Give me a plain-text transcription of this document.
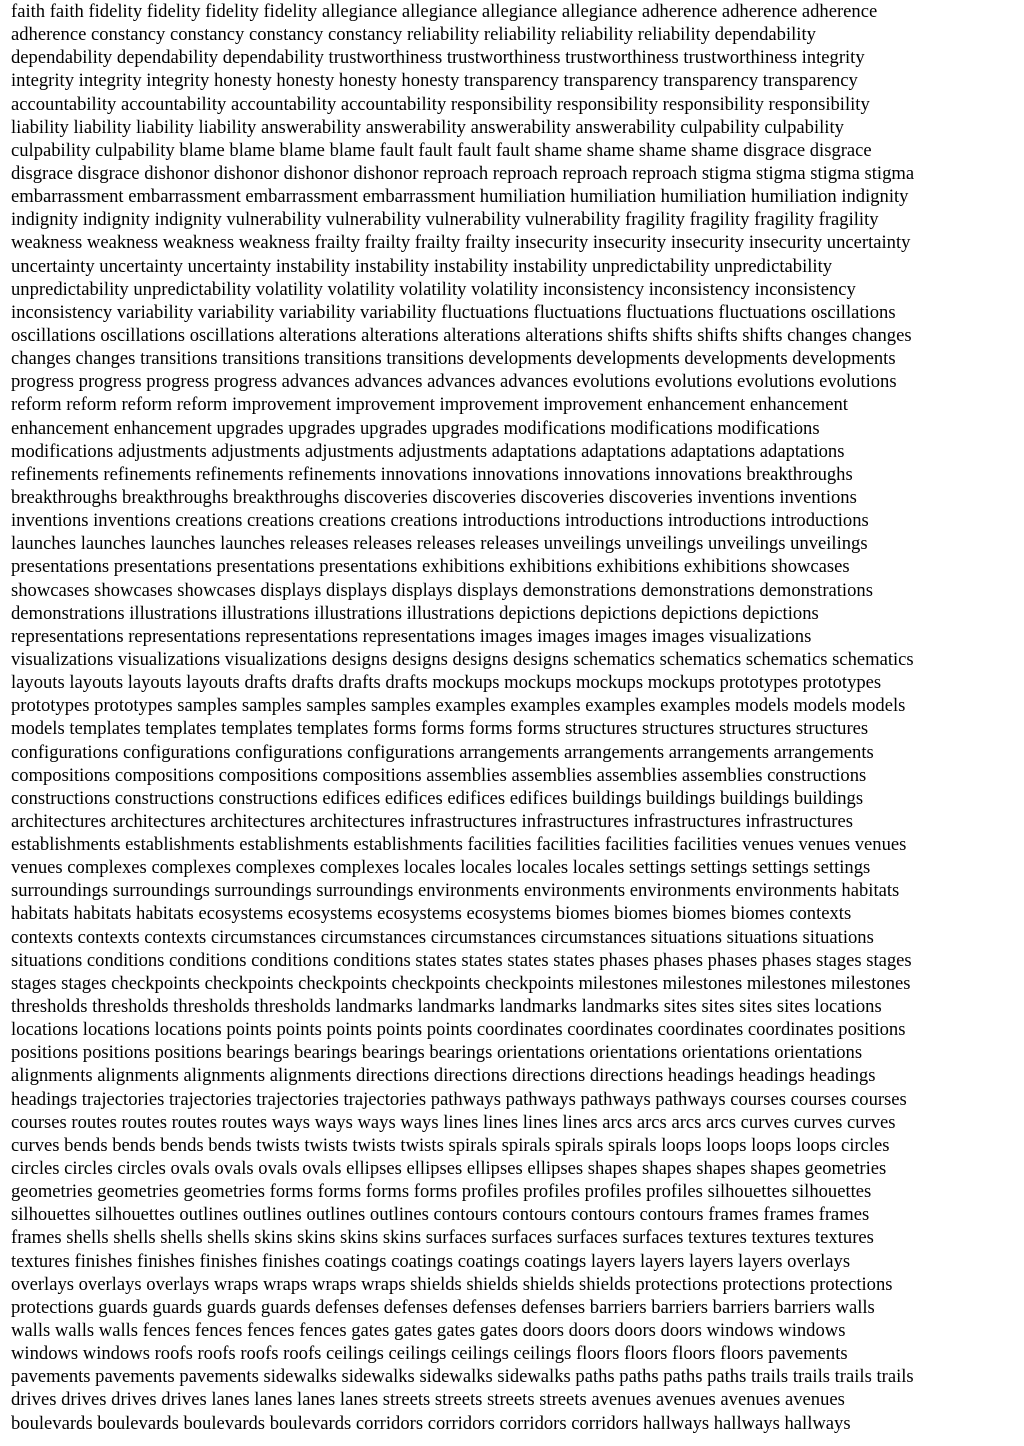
faith faith fidelity fidelity fidelity fidelity allegiance allegiance allegiance allegiance adherence adherence adherence
adherence constancy constancy constancy constancy reliability reliability reliability reliability dependability
dependability dependability dependability trustworthiness trustworthiness trustworthiness trustworthiness integrity
integrity integrity integrity honesty honesty honesty honesty transparency transparency transparency transparency
accountability accountability accountability accountability responsibility responsibility responsibility responsibility
liability liability liability liability answerability answerability answerability answerability culpability culpability
culpability culpability blame blame blame blame fault fault fault fault shame shame shame shame disgrace disgrace
disgrace disgrace dishonor dishonor dishonor dishonor reproach reproach reproach reproach stigma stigma stigma stigma
embarrassment embarrassment embarrassment embarrassment humiliation humiliation humiliation humiliation indignity
indignity indignity indignity vulnerability vulnerability vulnerability vulnerability fragility fragility fragility fragility
weakness weakness weakness weakness frailty frailty frailty frailty insecurity insecurity insecurity insecurity uncertainty
uncertainty uncertainty uncertainty instability instability instability instability unpredictability unpredictability
unpredictability unpredictability volatility volatility volatility volatility inconsistency inconsistency inconsistency
inconsistency variability variability variability variability fluctuations fluctuations fluctuations fluctuations oscillations
oscillations oscillations oscillations alterations alterations alterations alterations shifts shifts shifts shifts changes changes
changes changes transitions transitions transitions transitions developments developments developments developments
progress progress progress progress advances advances advances advances evolutions evolutions evolutions evolutions
reform reform reform reform improvement improvement improvement improvement enhancement enhancement
enhancement enhancement upgrades upgrades upgrades upgrades modifications modifications modifications
modifications adjustments adjustments adjustments adjustments adaptations adaptations adaptations adaptations
refinements refinements refinements refinements innovations innovations innovations innovations breakthroughs
breakthroughs breakthroughs breakthroughs discoveries discoveries discoveries discoveries inventions inventions
inventions inventions creations creations creations creations introductions introductions introductions introductions
launches launches launches launches releases releases releases releases unveilings unveilings unveilings unveilings
presentations presentations presentations presentations exhibitions exhibitions exhibitions exhibitions showcases
showcases showcases showcases displays displays displays displays demonstrations demonstrations demonstrations
demonstrations illustrations illustrations illustrations illustrations depictions depictions depictions depictions
representations representations representations representations images images images images visualizations
visualizations visualizations visualizations designs designs designs designs schematics schematics schematics schematics
layouts layouts layouts layouts drafts drafts drafts drafts mockups mockups mockups mockups prototypes prototypes
prototypes prototypes samples samples samples samples examples examples examples examples models models models
models templates templates templates templates forms forms forms forms structures structures structures structures
configurations configurations configurations configurations arrangements arrangements arrangements arrangements
compositions compositions compositions compositions assemblies assemblies assemblies assemblies constructions
constructions constructions constructions edifices edifices edifices edifices buildings buildings buildings buildings
architectures architectures architectures architectures infrastructures infrastructures infrastructures infrastructures
establishments establishments establishments establishments facilities facilities facilities facilities venues venues venues
venues complexes complexes complexes complexes locales locales locales locales settings settings settings settings
surroundings surroundings surroundings surroundings environments environments environments environments habitats
habitats habitats habitats ecosystems ecosystems ecosystems ecosystems biomes biomes biomes biomes contexts
contexts contexts contexts circumstances circumstances circumstances circumstances situations situations situations
situations conditions conditions conditions conditions states states states states phases phases phases phases stages stages
stages stages checkpoints checkpoints checkpoints checkpoints checkpoints milestones milestones milestones milestones
thresholds thresholds thresholds thresholds landmarks landmarks landmarks landmarks sites sites sites sites locations
locations locations locations points points points points points coordinates coordinates coordinates coordinates positions
positions positions positions bearings bearings bearings bearings orientations orientations orientations orientations
alignments alignments alignments alignments directions directions directions directions headings headings headings
headings trajectories trajectories trajectories trajectories pathways pathways pathways pathways courses courses courses
courses routes routes routes routes ways ways ways ways lines lines lines lines arcs arcs arcs arcs curves curves curves
curves bends bends bends bends twists twists twists twists spirals spirals spirals spirals loops loops loops loops circles
circles circles circles ovals ovals ovals ovals ellipses ellipses ellipses ellipses shapes shapes shapes shapes geometries
geometries geometries geometries forms forms forms forms profiles profiles profiles profiles silhouettes silhouettes
silhouettes silhouettes outlines outlines outlines outlines contours contours contours contours frames frames frames
frames shells shells shells shells skins skins skins skins surfaces surfaces surfaces surfaces textures textures textures
textures finishes finishes finishes finishes coatings coatings coatings coatings layers layers layers layers overlays
overlays overlays overlays wraps wraps wraps wraps shields shields shields shields protections protections protections
protections guards guards guards guards defenses defenses defenses defenses barriers barriers barriers barriers walls
walls walls walls fences fences fences fences gates gates gates gates doors doors doors doors windows windows
windows windows roofs roofs roofs roofs ceilings ceilings ceilings ceilings floors floors floors floors pavements
pavements pavements pavements sidewalks sidewalks sidewalks sidewalks paths paths paths paths trails trails trails trails
drives drives drives drives lanes lanes lanes lanes streets streets streets streets avenues avenues avenues avenues
boulevards boulevards boulevards boulevards corridors corridors corridors corridors hallways hallways hallways
